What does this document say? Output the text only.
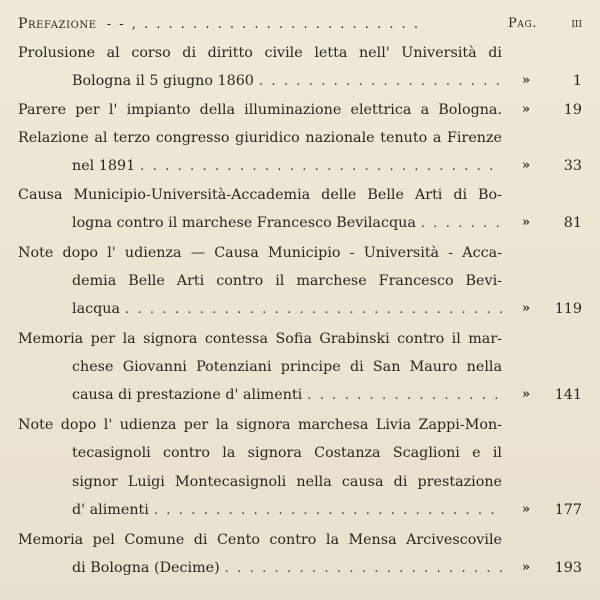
Prefazione - - , . . . . . . . . . . . . . . . . . . . . . . .	Pag.	iii
Prolusione al corso di diritto civile letta nell' Università di
Bologna il 5 giugno 1860 . . .	»	1
Parere per l' impianto della illuminazione elettrica a Bologna.	»	19
Relazione al terzo congresso giuridico nazionale tenuto a Firenze
nel 1891 . . .	»	33
Causa Municipio-Università-Accademia delle Belle Arti di Bo-
logna contro il marchese Francesco Bevilacqua . . .	»	81
Note dopo l' udienza — Causa Municipio - Università - Acca-
demia Belle Arti contro il marchese Francesco Bevi-
lacqua . . .	»	119
Memoria per la signora contessa Sofia Grabinski contro il mar-
chese Giovanni Potenziani principe di San Mauro nella
causa di prestazione d' alimenti . . .	»	141
Note dopo l' udienza per la signora marchesa Livia Zappi-Mon-
tecasignoli contro la signora Costanza Scaglioni e il
signor Luigi Montecasignoli nella causa di prestazione
d' alimenti . . .	»	177
Memoria pel Comune di Cento contro la Mensa Arcivescovile
di Bologna (Decime) . . .	»	193
